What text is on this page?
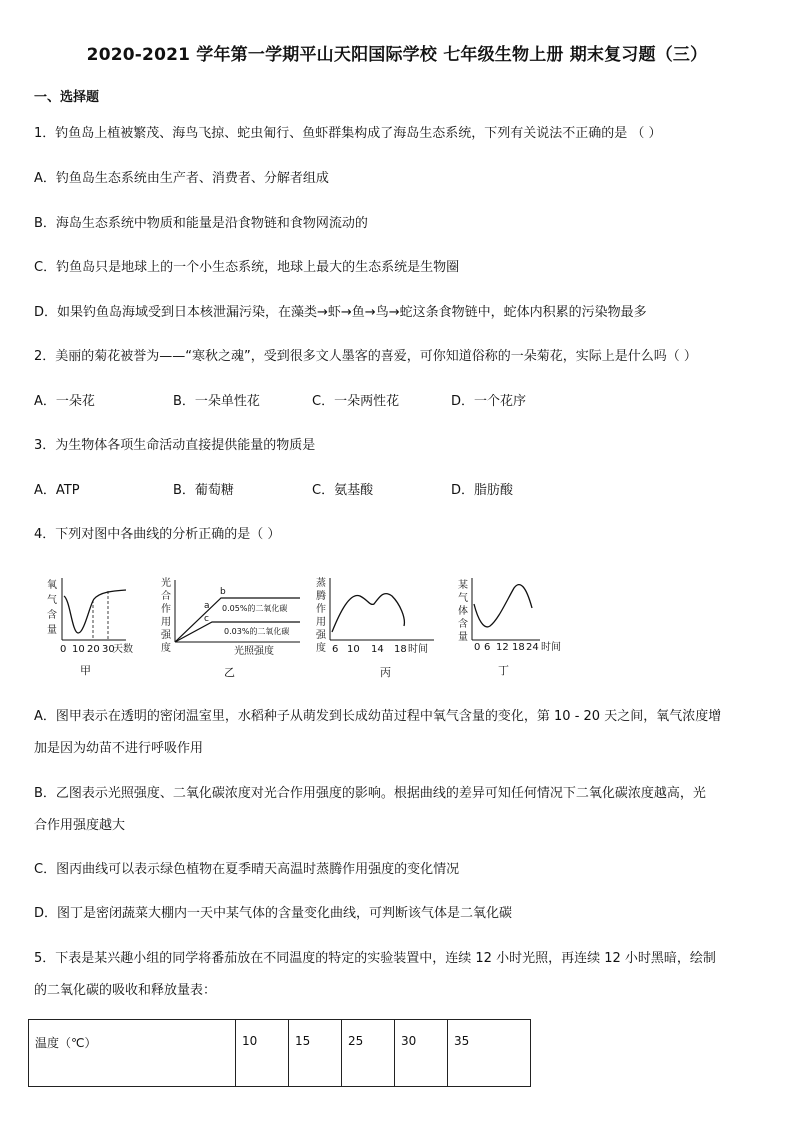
2020-2021 学年第一学期平山天阳国际学校 七年级生物上册 期末复习题（三）
一、选择题
1．钓鱼岛上植被繁茂、海鸟飞掠、蛇虫匍行、鱼虾群集构成了海岛生态系统，下列有关说法不正确的是 （ ）
A．钓鱼岛生态系统由生产者、消费者、分解者组成
B．海岛生态系统中物质和能量是沿食物链和食物网流动的
C．钓鱼岛只是地球上的一个小生态系统，地球上最大的生态系统是生物圈
D．如果钓鱼岛海域受到日本核泄漏污染，在藻类→虾→鱼→鸟→蛇这条食物链中，蛇体内积累的污染物最多
2．美丽的菊花被誉为——“寒秋之魂”，受到很多文人墨客的喜爱，可你知道俗称的一朵菊花，实际上是什么吗（ ）
A．一朵花	B．一朵单性花	C．一朵两性花	D．一个花序
3．为生物体各项生命活动直接提供能量的物质是
A．ATP	B．葡萄糖	C．氨基酸	D．脂肪酸
4．下列对图中各曲线的分析正确的是（ ）
氧
气
含
量
0 10 20 30
天数
甲
光
合
作
用
强
度
b
a
c
0.05%的二氧化碳
0.03%的二氧化碳
光照强度
乙
蒸
腾
作
用
强
度 6 10 14 18 时间
丙
某
气
体
含
量
0 6 12 18 24 时间
丁
A．图甲表示在透明的密闭温室里，水稻种子从萌发到长成幼苗过程中氧气含量的变化，第 10 - 20 天之间，氧气浓度增
加是因为幼苗不进行呼吸作用
B．乙图表示光照强度、二氧化碳浓度对光合作用强度的影响。根据曲线的差异可知任何情况下二氧化碳浓度越高，光
合作用强度越大
C．图丙曲线可以表示绿色植物在夏季晴天高温时蒸腾作用强度的变化情况
D．图丁是密闭蔬菜大棚内一天中某气体的含量变化曲线，可判断该气体是二氧化碳
5．下表是某兴趣小组的同学将番茄放在不同温度的特定的实验装置中，连续 12 小时光照，再连续 12 小时黑暗，绘制
的二氧化碳的吸收和释放量表：
温度（℃）	10	15	25	30	35
